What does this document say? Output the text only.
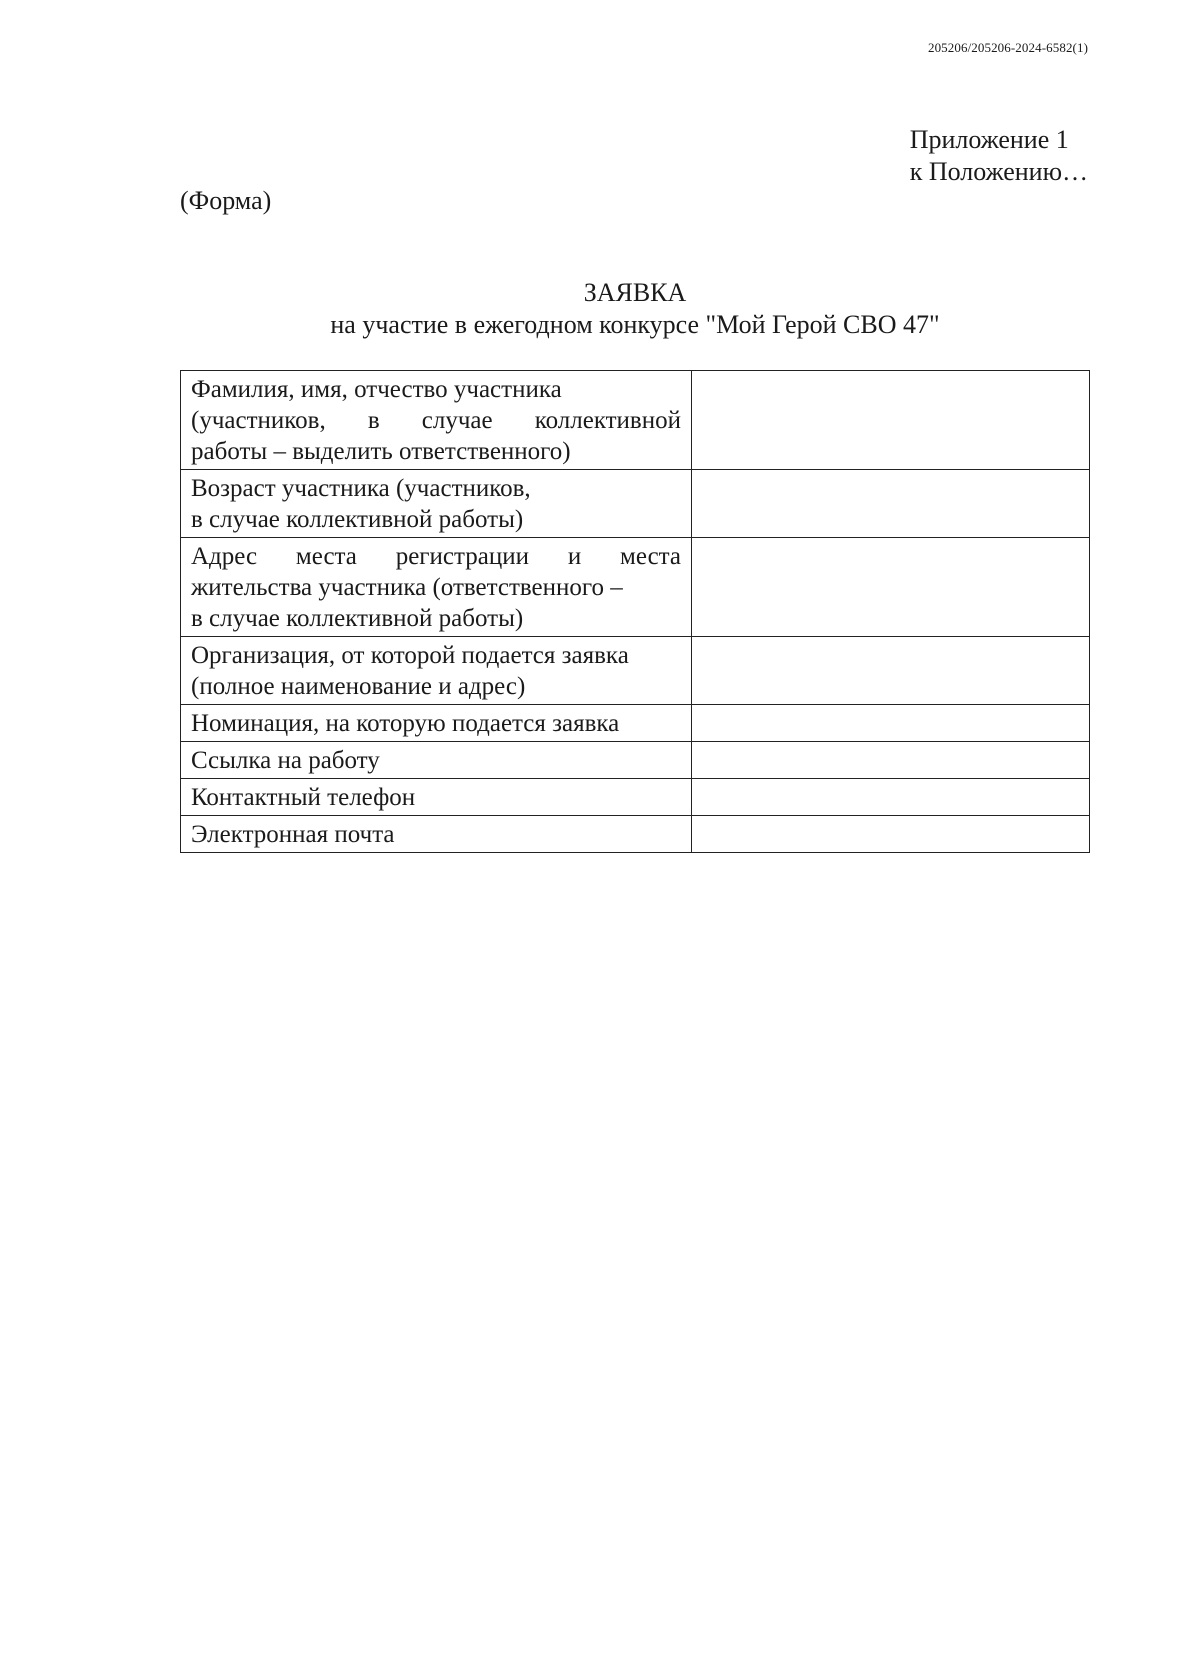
205206/205206-2024-6582(1)
Приложение 1
к Положению…
(Форма)
ЗАЯВКА
на участие в ежегодном конкурсе "Мой Герой СВО 47"
Фамилия, имя, отчество участника
(участников, в случае коллективной
работы – выделить ответственного)	

Возраст участника (участников,
в случае коллективной работы)	

Адрес места регистрации и места
жительства участника (ответственного –
в случае коллективной работы)	

Организация, от которой подается заявка
(полное наименование и адрес)	

Номинация, на которую подается заявка	

Ссылка на работу	

Контактный телефон	

Электронная почта	
